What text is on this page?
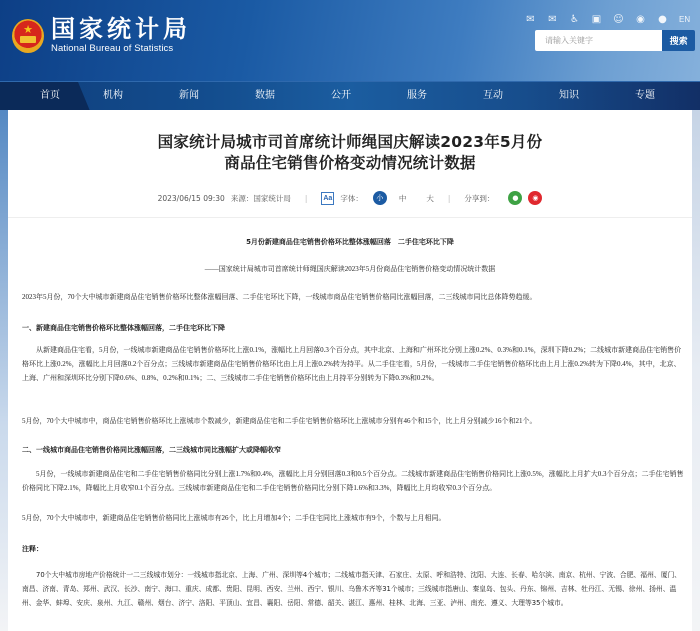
★
国家统计局
National Bureau of Statistics
✉ ✉ ♿ ▣ ☺ ◉ ● EN
请输入关键字
搜索
首页	机构	新闻	数据	公开	服务	互动	知识	专题
国家统计局城市司首席统计师绳国庆解读2023年5月份
商品住宅销售价格变动情况统计数据
2023/06/15 09:30 来源：国家统计局 | Aa 字体：	小	中	大 | 分享到：	●	◉
5月份新建商品住宅销售价格环比整体涨幅回落　二手住宅环比下降
——国家统计局城市司首席统计师绳国庆解读2023年5月份商品住宅销售价格变动情况统计数据
2023年5月份，70个大中城市新建商品住宅销售价格环比整体涨幅回落、二手住宅环比下降，一线城市商品住宅销售价格同比涨幅回落，二三线城市同比总体降势趋缓。
一、新建商品住宅销售价格环比整体涨幅回落，二手住宅环比下降
从新建商品住宅看，5月份，一线城市新建商品住宅销售价格环比上涨0.1%，涨幅比上月回落0.3个百分点，其中北京、上海和广州环比分别上涨0.2%、0.3%和0.1%，深圳下降0.2%；二线城市新建商品住宅销售价格环比上涨0.2%，涨幅比上月回落0.2个百分点；三线城市新建商品住宅销售价格环比由上月上涨0.2%转为持平。从二手住宅看，5月份，一线城市二手住宅销售价格环比由上月上涨0.2%转为下降0.4%，其中，北京、上海、广州和深圳环比分别下降0.6%、0.8%、0.2%和0.1%；二、三线城市二手住宅销售价格环比由上月持平分别转为下降0.3%和0.2%。
5月份，70个大中城市中，商品住宅销售价格环比上涨城市个数减少，新建商品住宅和二手住宅销售价格环比上涨城市分别有46个和15个，比上月分别减少16个和21个。
二、一线城市商品住宅销售价格同比涨幅回落，二三线城市同比涨幅扩大或降幅收窄
5月份，一线城市新建商品住宅和二手住宅销售价格同比分别上涨1.7%和0.4%，涨幅比上月分别回落0.3和0.5个百分点。二线城市新建商品住宅销售价格同比上涨0.5%，涨幅比上月扩大0.3个百分点；二手住宅销售价格同比下降2.1%，降幅比上月收窄0.1个百分点。三线城市新建商品住宅和二手住宅销售价格同比分别下降1.6%和3.3%，降幅比上月均收窄0.3个百分点。
5月份，70个大中城市中，新建商品住宅销售价格同比上涨城市有26个，比上月增加4个；二手住宅同比上涨城市有9个，个数与上月相同。
注释：
70个大中城市房地产价格统计一二三线城市划分：一线城市指北京、上海、广州、深圳等4个城市；二线城市指天津、石家庄、太原、呼和浩特、沈阳、大连、长春、哈尔滨、南京、杭州、宁波、合肥、福州、厦门、南昌、济南、青岛、郑州、武汉、长沙、南宁、海口、重庆、成都、贵阳、昆明、西安、兰州、西宁、银川、乌鲁木齐等31个城市；三线城市指唐山、秦皇岛、包头、丹东、锦州、吉林、牡丹江、无锡、徐州、扬州、温州、金华、蚌埠、安庆、泉州、九江、赣州、烟台、济宁、洛阳、平顶山、宜昌、襄阳、岳阳、常德、韶关、湛江、惠州、桂林、北海、三亚、泸州、南充、遵义、大理等35个城市。
